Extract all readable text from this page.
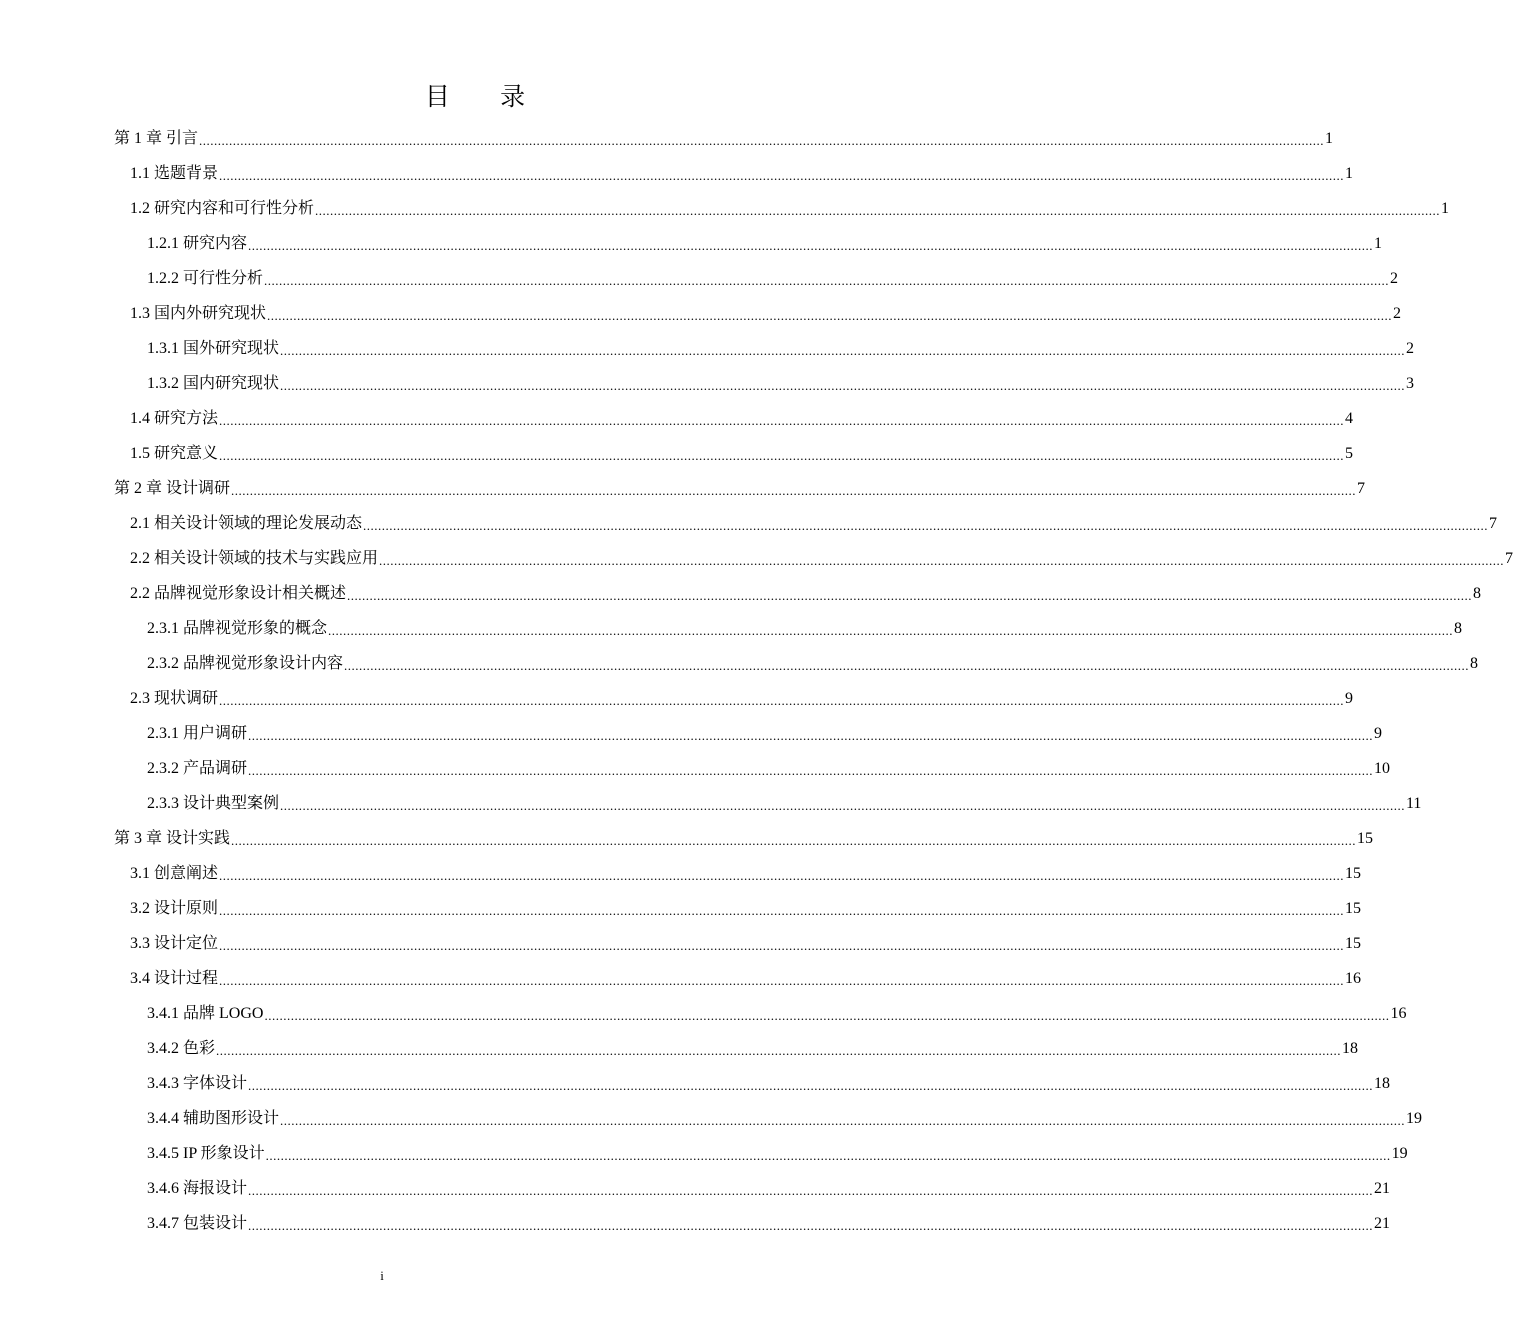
目 录
第 1 章 引言 ............................................................................................................................................................................................................................................................................................................ 1
1.1 选题背景 ............................................................................................................................................................................................................................................................................................................ 1
1.2 研究内容和可行性分析 ............................................................................................................................................................................................................................................................................................................ 1
1.2.1 研究内容 ............................................................................................................................................................................................................................................................................................................ 1
1.2.2 可行性分析 ............................................................................................................................................................................................................................................................................................................ 2
1.3 国内外研究现状 ............................................................................................................................................................................................................................................................................................................ 2
1.3.1 国外研究现状 ............................................................................................................................................................................................................................................................................................................ 2
1.3.2 国内研究现状 ............................................................................................................................................................................................................................................................................................................ 3
1.4 研究方法 ............................................................................................................................................................................................................................................................................................................ 4
1.5 研究意义 ............................................................................................................................................................................................................................................................................................................ 5
第 2 章 设计调研 ............................................................................................................................................................................................................................................................................................................ 7
2.1 相关设计领域的理论发展动态 ............................................................................................................................................................................................................................................................................................................ 7
2.2 相关设计领域的技术与实践应用 ............................................................................................................................................................................................................................................................................................................ 7
2.2 品牌视觉形象设计相关概述 ............................................................................................................................................................................................................................................................................................................ 8
2.3.1 品牌视觉形象的概念 ............................................................................................................................................................................................................................................................................................................ 8
2.3.2 品牌视觉形象设计内容 ............................................................................................................................................................................................................................................................................................................ 8
2.3 现状调研 ............................................................................................................................................................................................................................................................................................................ 9
2.3.1 用户调研 ............................................................................................................................................................................................................................................................................................................ 9
2.3.2 产品调研 ............................................................................................................................................................................................................................................................................................................ 10
2.3.3 设计典型案例 ............................................................................................................................................................................................................................................................................................................ 11
第 3 章 设计实践 ............................................................................................................................................................................................................................................................................................................ 15
3.1 创意阐述 ............................................................................................................................................................................................................................................................................................................ 15
3.2 设计原则 ............................................................................................................................................................................................................................................................................................................ 15
3.3 设计定位 ............................................................................................................................................................................................................................................................................................................ 15
3.4 设计过程 ............................................................................................................................................................................................................................................................................................................ 16
3.4.1 品牌 LOGO ............................................................................................................................................................................................................................................................................................................ 16
3.4.2 色彩 ............................................................................................................................................................................................................................................................................................................ 18
3.4.3 字体设计 ............................................................................................................................................................................................................................................................................................................ 18
3.4.4 辅助图形设计 ............................................................................................................................................................................................................................................................................................................ 19
3.4.5 IP 形象设计 ............................................................................................................................................................................................................................................................................................................ 19
3.4.6 海报设计 ............................................................................................................................................................................................................................................................................................................ 21
3.4.7 包装设计 ............................................................................................................................................................................................................................................................................................................ 21
i
